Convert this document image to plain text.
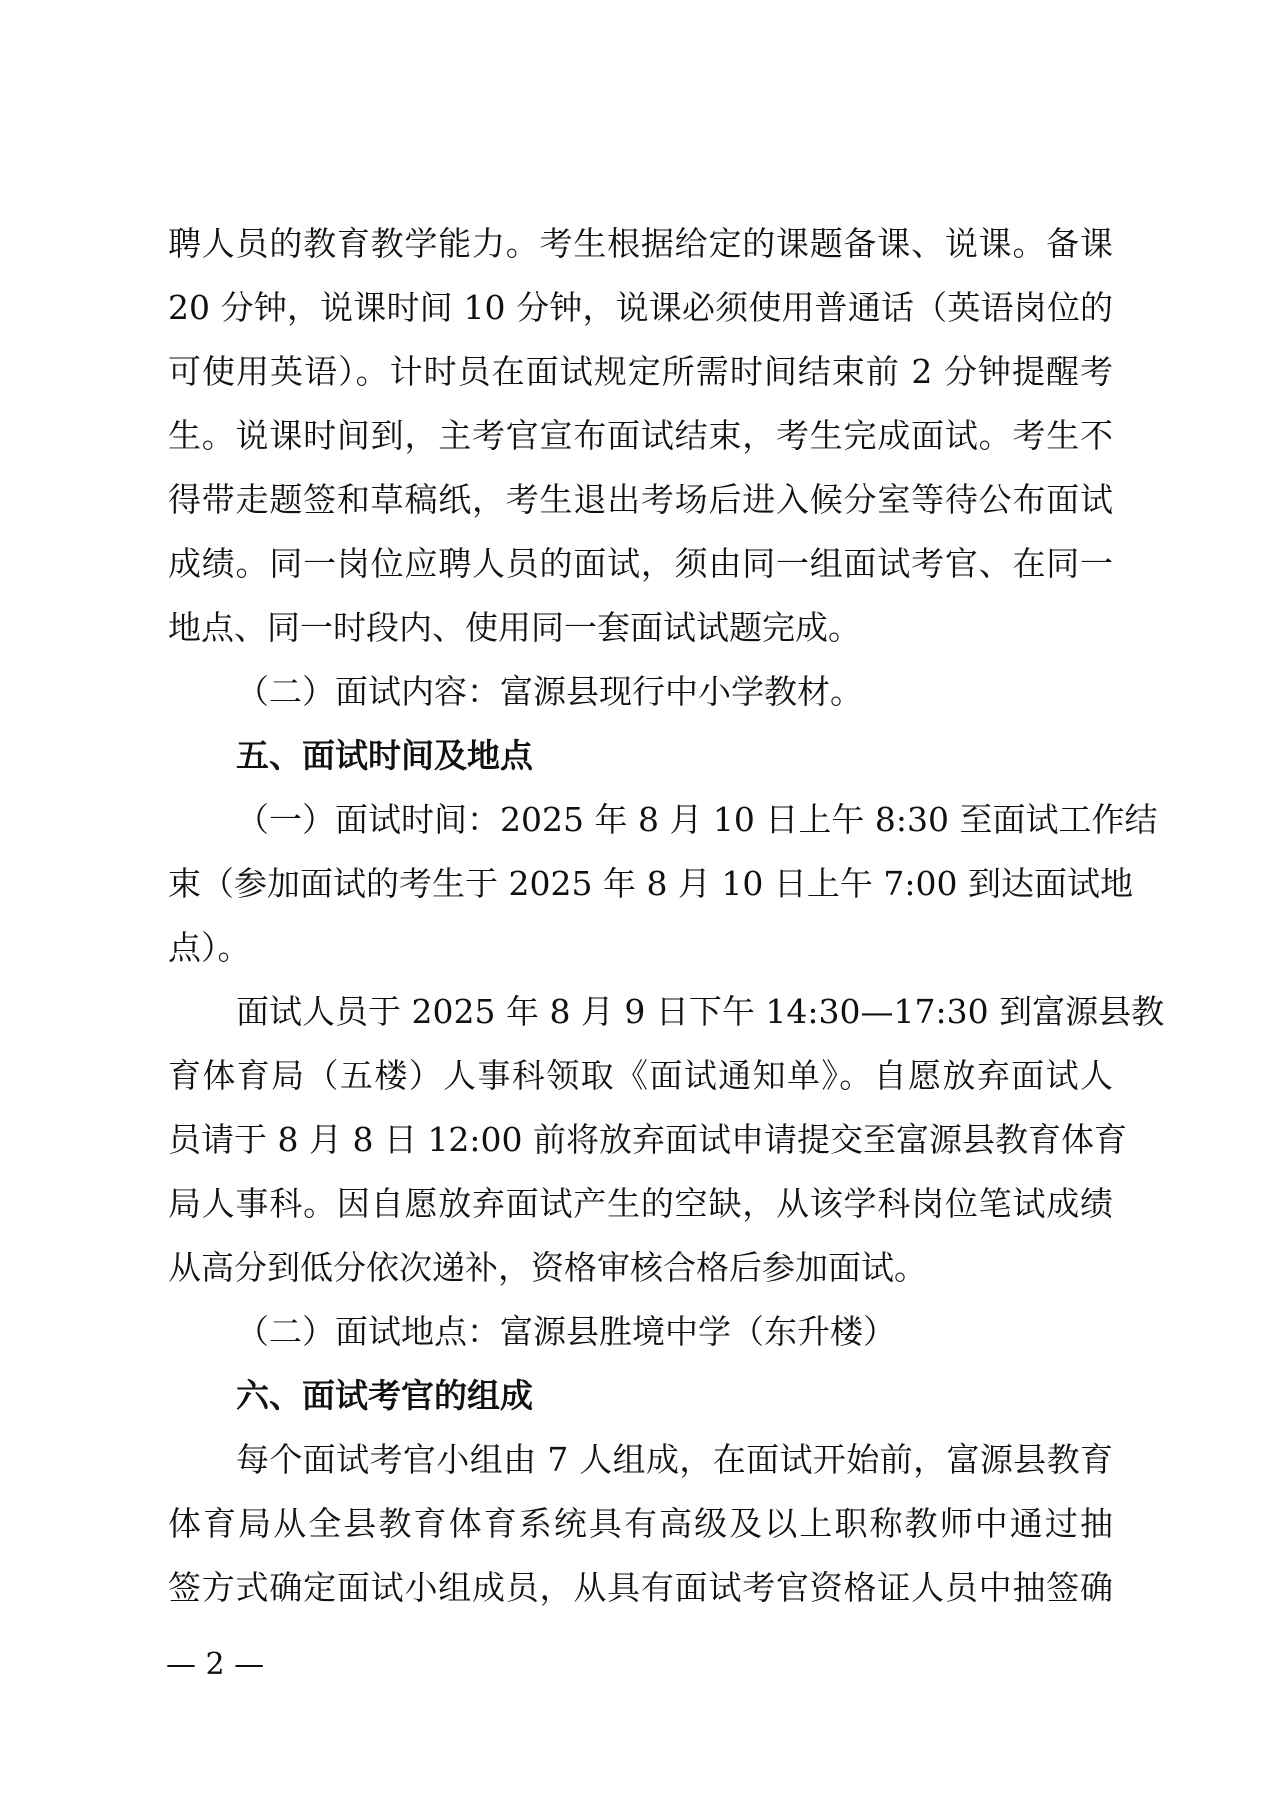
聘人员的教育教学能力。考生根据给定的课题备课、说课。备课
20 分钟，说课时间 10 分钟，说课必须使用普通话（英语岗位的
可使用英语）。计时员在面试规定所需时间结束前 2 分钟提醒考
生。说课时间到，主考官宣布面试结束，考生完成面试。考生不
得带走题签和草稿纸，考生退出考场后进入候分室等待公布面试
成绩。同一岗位应聘人员的面试，须由同一组面试考官、在同一
地点、同一时段内、使用同一套面试试题完成。
（二）面试内容：富源县现行中小学教材。
五、面试时间及地点
（一）面试时间：2025 年 8 月 10 日上午 8:30 至面试工作结
束（参加面试的考生于 2025 年 8 月 10 日上午 7:00 到达面试地
点）。
面试人员于 2025 年 8 月 9 日下午 14:30—17:30 到富源县教
育体育局（五楼）人事科领取《面试通知单》。自愿放弃面试人
员请于 8 月 8 日 12:00 前将放弃面试申请提交至富源县教育体育
局人事科。因自愿放弃面试产生的空缺，从该学科岗位笔试成绩
从高分到低分依次递补，资格审核合格后参加面试。
（二）面试地点：富源县胜境中学（东升楼）
六、面试考官的组成
每个面试考官小组由 7 人组成，在面试开始前，富源县教育
体育局从全县教育体育系统具有高级及以上职称教师中通过抽
签方式确定面试小组成员，从具有面试考官资格证人员中抽签确
— 2 —
